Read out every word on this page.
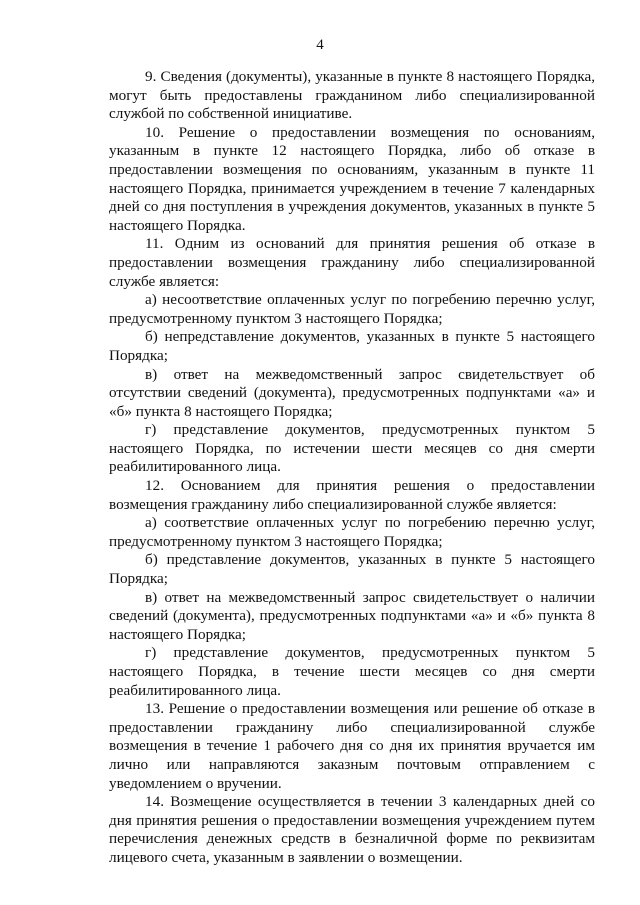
4

9. Сведения (документы), указанные в пункте 8 настоящего Порядка, могут быть предоставлены гражданином либо специализированной службой по собственной инициативе.

10. Решение о предоставлении возмещения по основаниям, указанным в пункте 12 настоящего Порядка, либо об отказе в предоставлении возмещения по основаниям, указанным в пункте 11 настоящего Порядка, принимается учреждением в течение 7 календарных дней со дня поступления в учреждения документов, указанных в пункте 5 настоящего Порядка.

11. Одним из оснований для принятия решения об отказе в предоставлении возмещения гражданину либо специализированной службе является:

а) несоответствие оплаченных услуг по погребению перечню услуг, предусмотренному пунктом 3 настоящего Порядка;

б) непредставление документов, указанных в пункте 5 настоящего Порядка;

в) ответ на межведомственный запрос свидетельствует об отсутствии сведений (документа), предусмотренных подпунктами «а» и «б» пункта 8 настоящего Порядка;

г) представление документов, предусмотренных пунктом 5 настоящего Порядка, по истечении шести месяцев со дня смерти реабилитированного лица.

12. Основанием для принятия решения о предоставлении возмещения гражданину либо специализированной службе является:

а) соответствие оплаченных услуг по погребению перечню услуг, предусмотренному пунктом 3 настоящего Порядка;

б) представление документов, указанных в пункте 5 настоящего Порядка;

в) ответ на межведомственный запрос свидетельствует о наличии сведений (документа), предусмотренных подпунктами «а» и «б» пункта 8 настоящего Порядка;

г) представление документов, предусмотренных пунктом 5 настоящего Порядка, в течение шести месяцев со дня смерти реабилитированного лица.

13. Решение о предоставлении возмещения или решение об отказе в предоставлении гражданину либо специализированной службе возмещения в течение 1 рабочего дня со дня их принятия вручается им лично или направляются заказным почтовым отправлением с уведомлением о вручении.

14. Возмещение осуществляется в течении 3 календарных дней со дня принятия решения о предоставлении возмещения учреждением путем перечисления денежных средств в безналичной форме по реквизитам лицевого счета, указанным в заявлении о возмещении.
